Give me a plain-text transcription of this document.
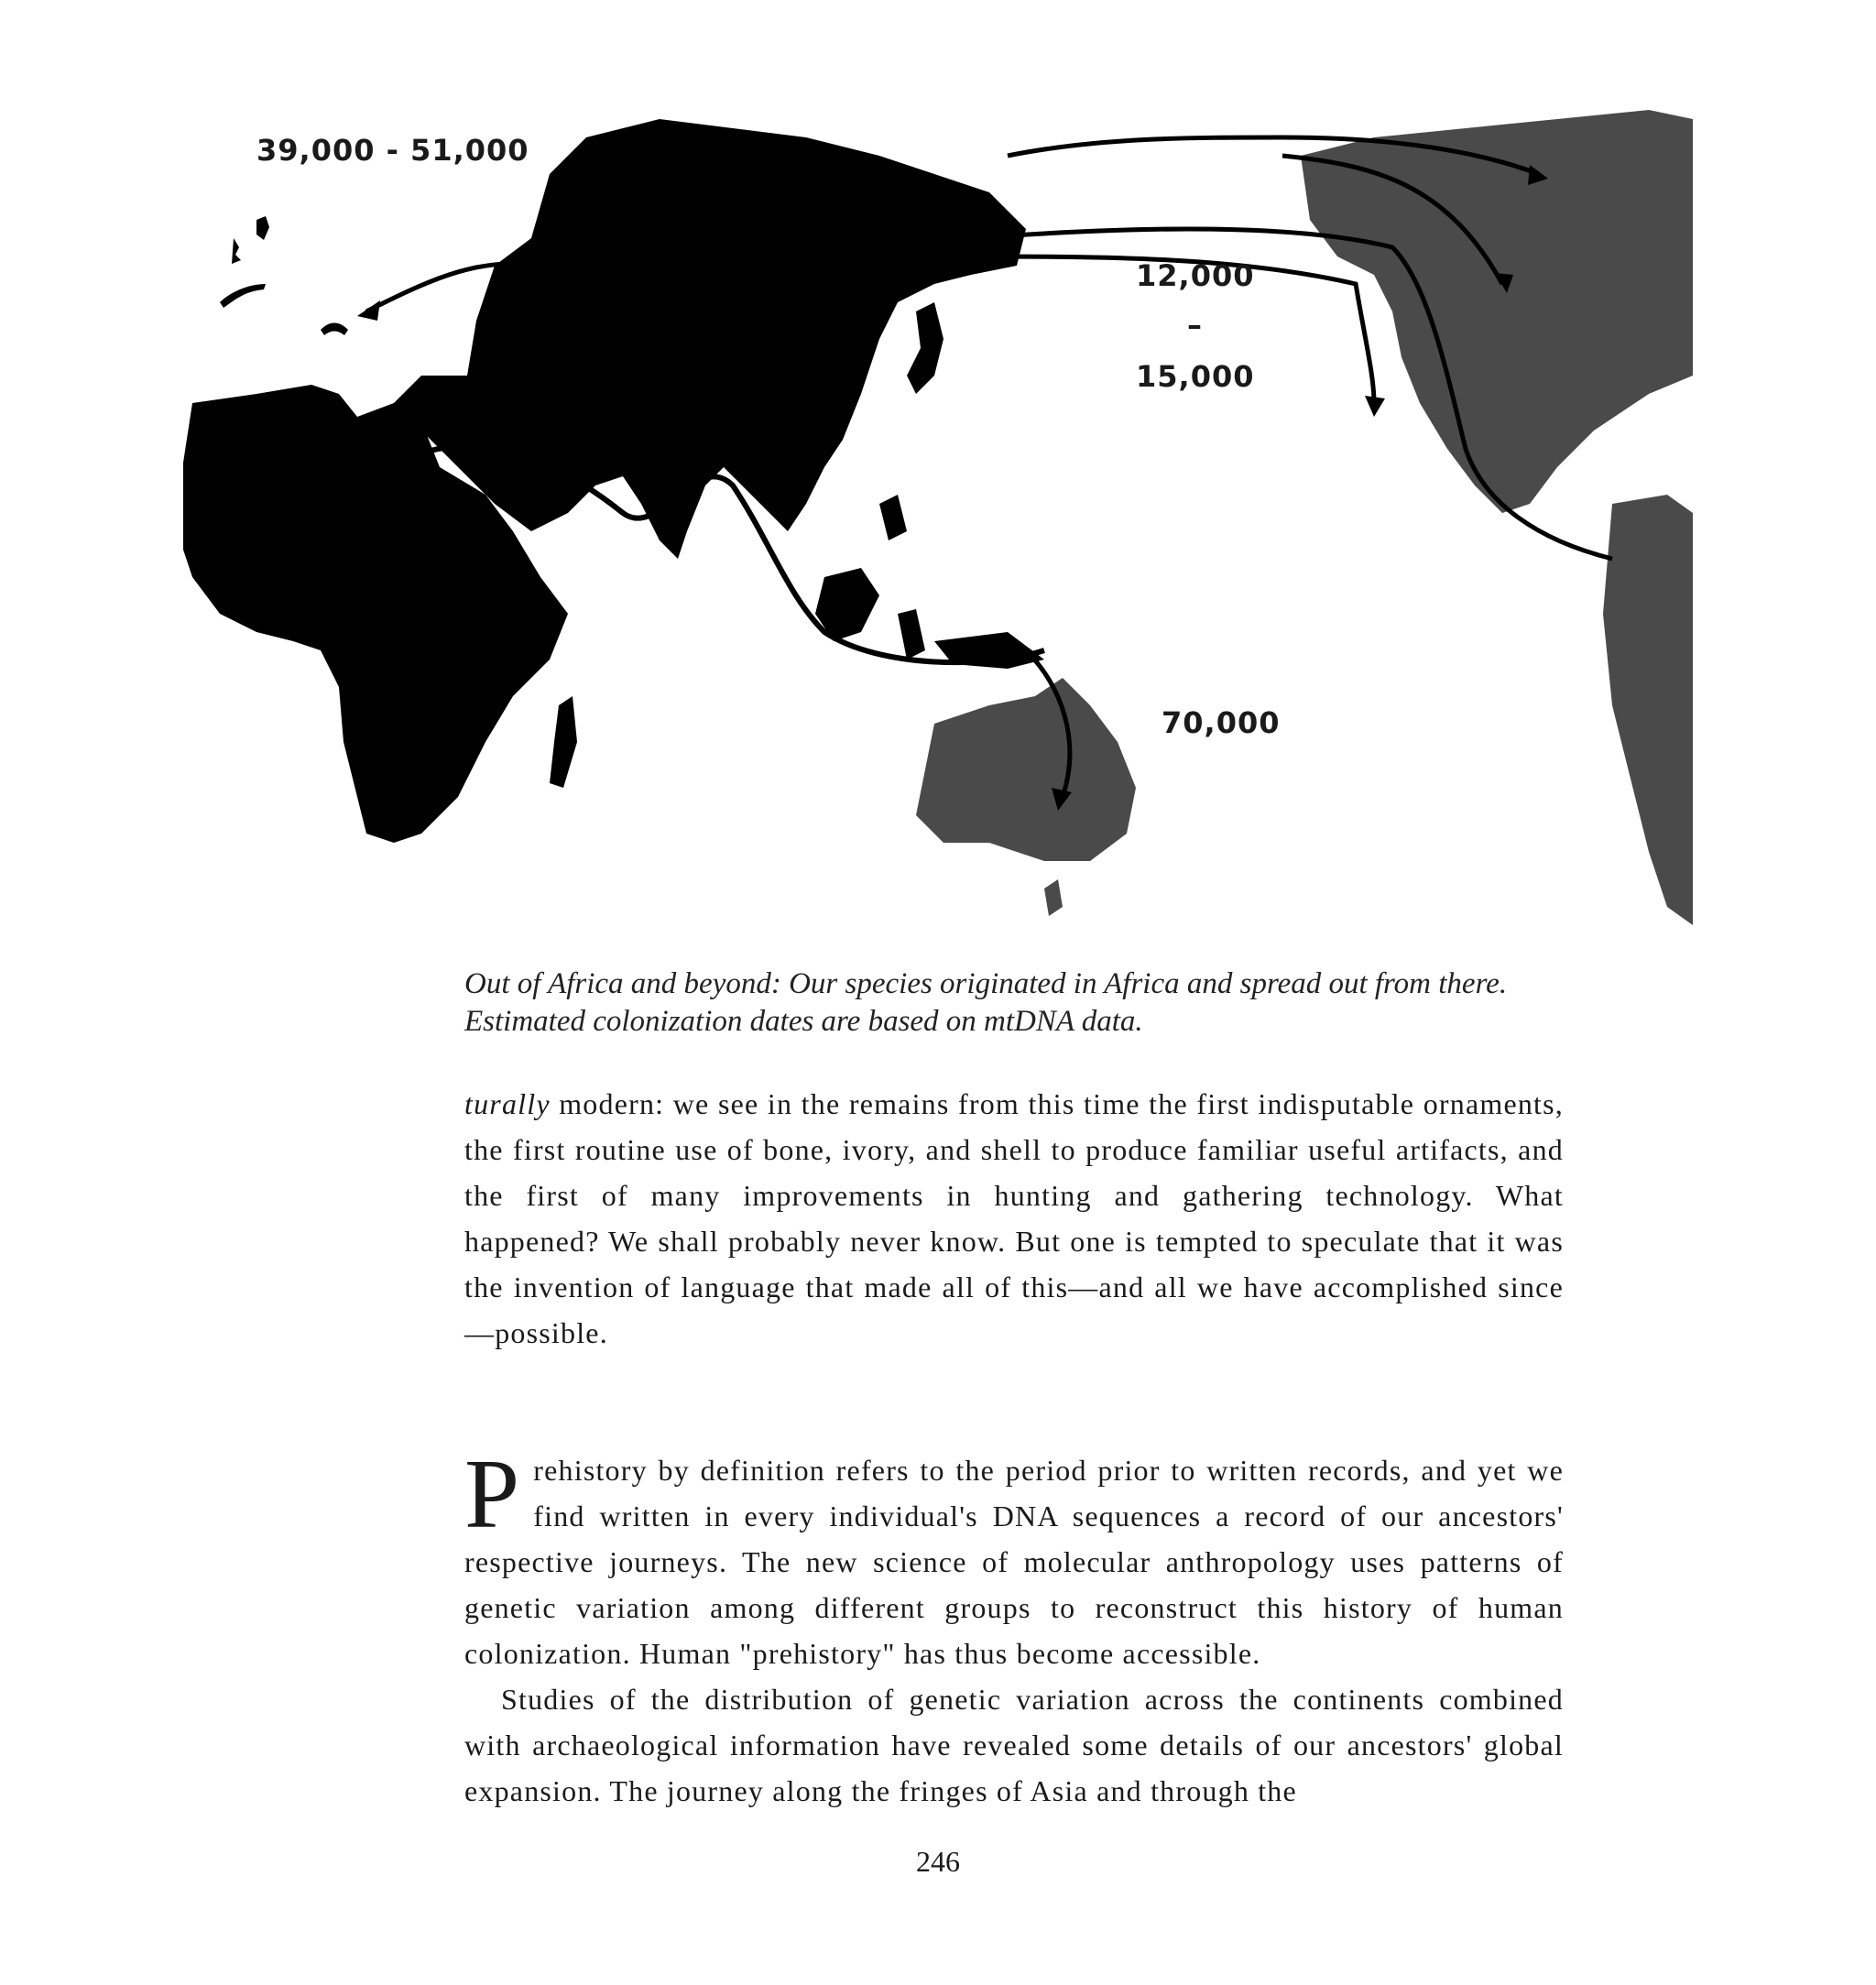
39,000 - 51,000
12,000
–
15,000
70,000
Out of Africa and beyond: Our species originated in Africa and spread out from there.
Estimated colonization dates are based on mtDNA data.

turally modern: we see in the remains from this time the first indisputable ornaments, the first routine use of bone, ivory, and shell to produce familiar useful artifacts, and the first of many improvements in hunting and gathering technology. What happened? We shall probably never know. But one is tempted to speculate that it was the invention of language that made all of this—and all we have accomplished since—possible.

Prehistory by definition refers to the period prior to written records, and yet we find written in every individual's DNA sequences a record of our ancestors' respective journeys. The new science of molecular anthropology uses patterns of genetic variation among different groups to reconstruct this history of human colonization. Human "prehistory" has thus become accessible.

Studies of the distribution of genetic variation across the continents combined with archaeological information have revealed some details of our ancestors' global expansion. The journey along the fringes of Asia and through the

246
